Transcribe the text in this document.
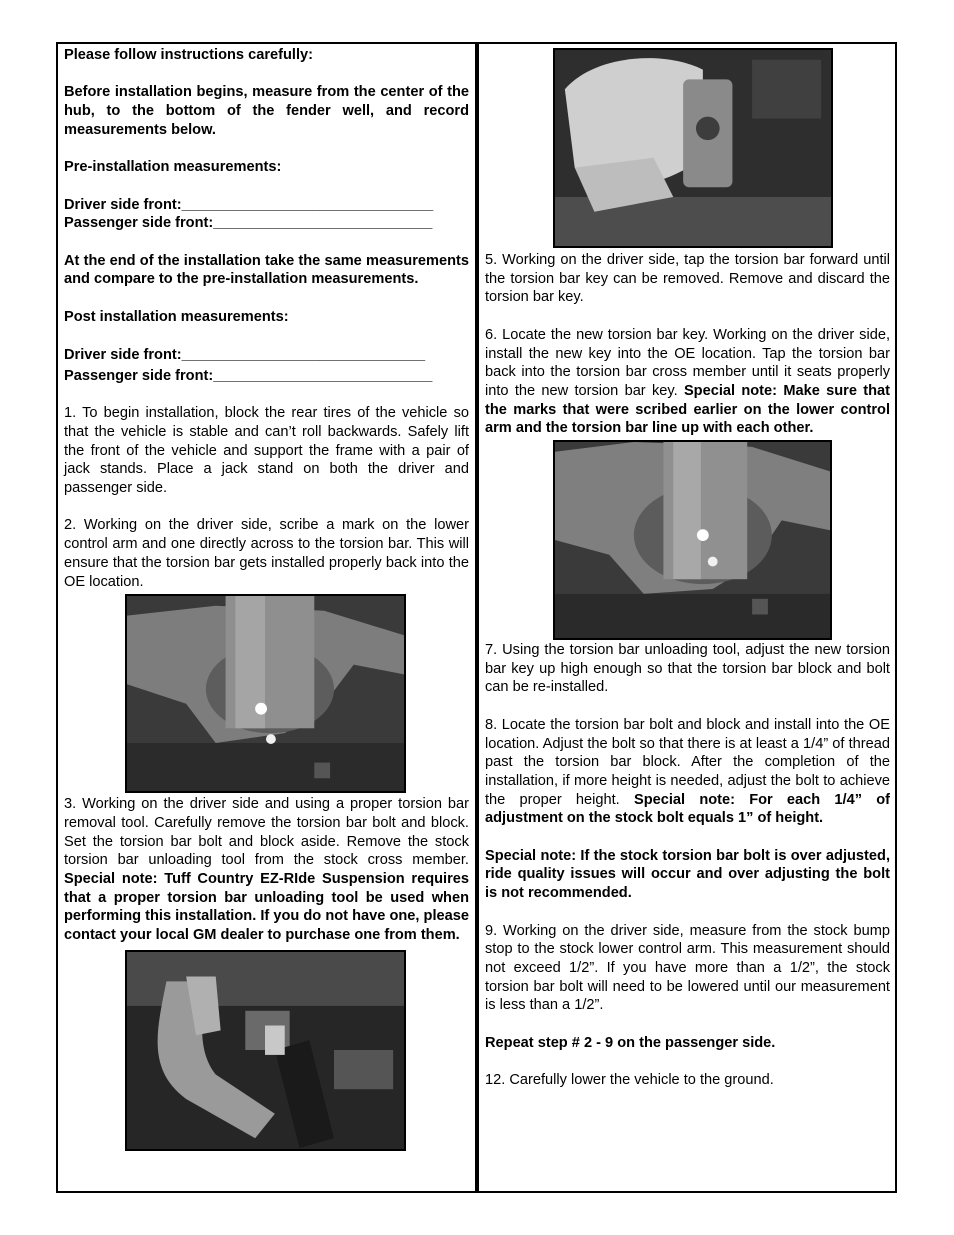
Please follow instructions carefully:

Before installation begins, measure from the center of the hub, to the bottom of the fender well, and record measurements below.

Pre-installation measurements:

Driver side front:_______________________________

Passenger side front:___________________________

At the end of the installation take the same measurements and compare to the pre-installation measurements.

Post installation measurements:

Driver side front:______________________________

Passenger side front:___________________________

1. To begin installation, block the rear tires of the vehicle so that the vehicle is stable and can’t roll backwards. Safely lift the front of the vehicle and support the frame with a pair of jack stands. Place a jack stand on both the driver and passenger side.

2. Working on the driver side, scribe a mark on the lower control arm and one directly across to the torsion bar. This will ensure that the torsion bar gets installed properly back into the OE location.

3. Working on the driver side and using a proper torsion bar removal tool. Carefully remove the torsion bar bolt and block. Set the torsion bar bolt and block aside. Remove the stock torsion bar unloading tool from the stock cross member. Special note: Tuff Country EZ-RIde Suspension requires that a proper torsion bar unloading tool be used when performing this installation. If you do not have one, please contact your local GM dealer to purchase one from them.

5. Working on the driver side, tap the torsion bar forward until the torsion bar key can be removed. Remove and discard the torsion bar key.

6. Locate the new torsion bar key. Working on the driver side, install the new key into the OE location. Tap the torsion bar back into the torsion bar cross member until it seats properly into the new torsion bar key. Special note: Make sure that the marks that were scribed earlier on the lower control arm and the torsion bar line up with each other.

7. Using the torsion bar unloading tool, adjust the new torsion bar key up high enough so that the torsion bar block and bolt can be re-installed.

8. Locate the torsion bar bolt and block and install into the OE location. Adjust the bolt so that there is at least a 1/4” of thread past the torsion bar block. After the completion of the installation, if more height is needed, adjust the bolt to achieve the proper height. Special note: For each 1/4” of adjustment on the stock bolt equals 1” of height.

Special note: If the stock torsion bar bolt is over adjusted, ride quality issues will occur and over adjusting the bolt is not recommended.

9. Working on the driver side, measure from the stock bump stop to the stock lower control arm. This measurement should not exceed 1/2”. If you have more than a 1/2”, the stock torsion bar bolt will need to be lowered until our measurement is less than a 1/2”.

Repeat step # 2 - 9 on the passenger side.

12. Carefully lower the vehicle to the ground.
